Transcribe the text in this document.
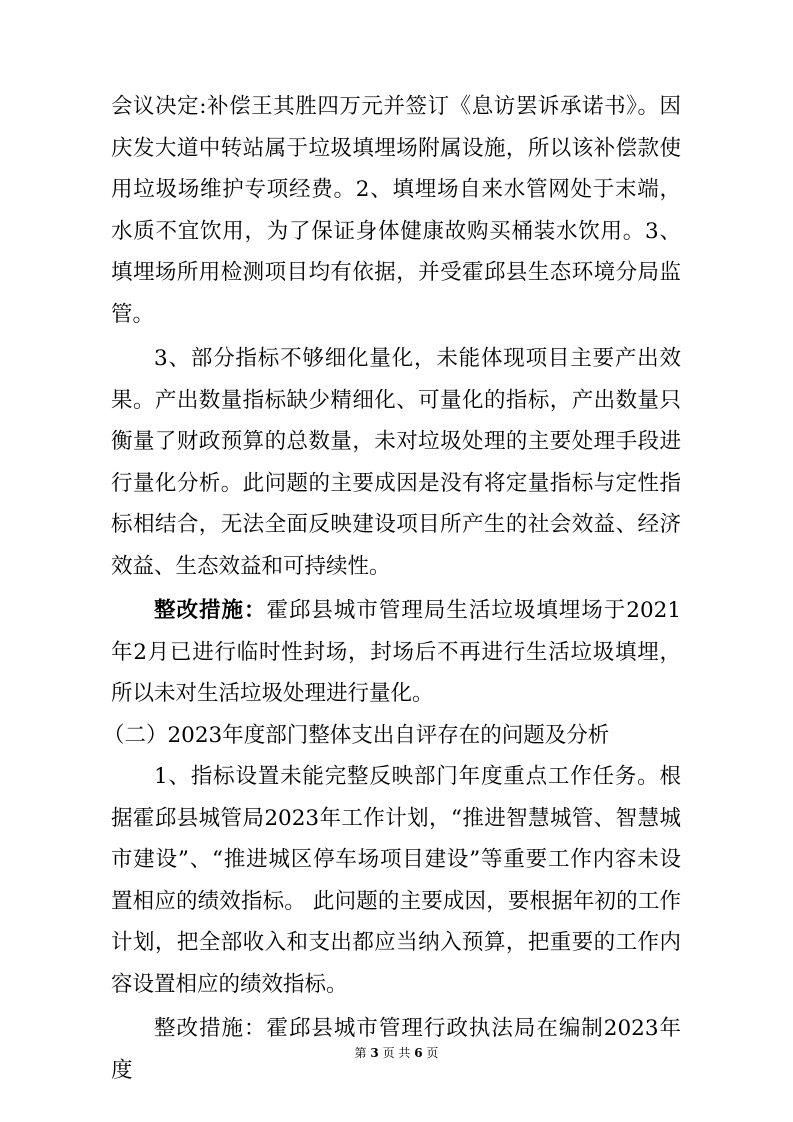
会议决定:补偿王其胜四万元并签订《息访罢诉承诺书》。因庆发大道中转站属于垃圾填埋场附属设施，所以该补偿款使用垃圾场维护专项经费。2、填埋场自来水管网处于末端，水质不宜饮用，为了保证身体健康故购买桶装水饮用。3、填埋场所用检测项目均有依据，并受霍邱县生态环境分局监管。

3、部分指标不够细化量化，未能体现项目主要产出效果。产出数量指标缺少精细化、可量化的指标，产出数量只衡量了财政预算的总数量，未对垃圾处理的主要处理手段进行量化分析。此问题的主要成因是没有将定量指标与定性指标相结合，无法全面反映建设项目所产生的社会效益、经济效益、生态效益和可持续性。

整改措施：霍邱县城市管理局生活垃圾填埋场于2021年2月已进行临时性封场，封场后不再进行生活垃圾填埋，所以未对生活垃圾处理进行量化。

（二）2023年度部门整体支出自评存在的问题及分析

1、指标设置未能完整反映部门年度重点工作任务。根据霍邱县城管局2023年工作计划，“推进智慧城管、智慧城市建设”、“推进城区停车场项目建设”等重要工作内容未设置相应的绩效指标。 此问题的主要成因，要根据年初的工作计划，把全部收入和支出都应当纳入预算，把重要的工作内容设置相应的绩效指标。

整改措施：霍邱县城市管理行政执法局在编制2023年度

第 3 页 共 6 页
